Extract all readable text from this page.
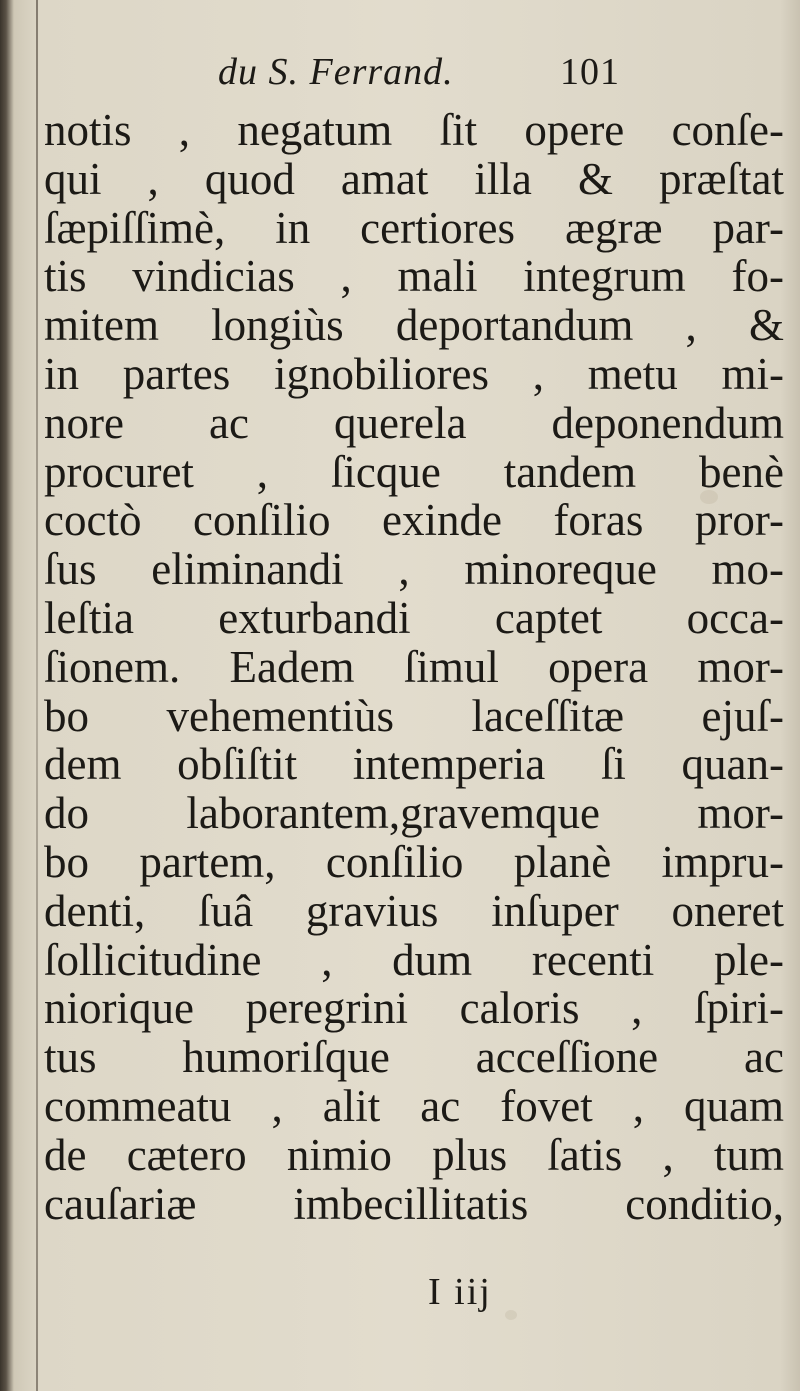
du S. Ferrand.	101
notis , negatum ſit opere conſe-
qui , quod amat illa & præſtat
ſæpiſſimè, in certiores ægræ par-
tis vindicias , mali integrum fo-
mitem longiùs deportandum , &
in partes ignobiliores , metu mi-
nore ac querela deponendum
procuret , ſicque tandem benè
coctò conſilio exinde foras pror-
ſus eliminandi , minoreque mo-
leſtia exturbandi captet occa-
ſionem. Eadem ſimul opera mor-
bo vehementiùs laceſſitæ ejuſ-
dem obſiſtit intemperia ſi quan-
do laborantem,gravemque mor-
bo partem, conſilio planè impru-
denti, ſuâ gravius inſuper oneret
ſollicitudine , dum recenti ple-
niorique peregrini caloris , ſpiri-
tus humoriſque acceſſione ac
commeatu , alit ac fovet , quam
de cætero nimio plus ſatis , tum
cauſariæ imbecillitatis conditio,
I iij
